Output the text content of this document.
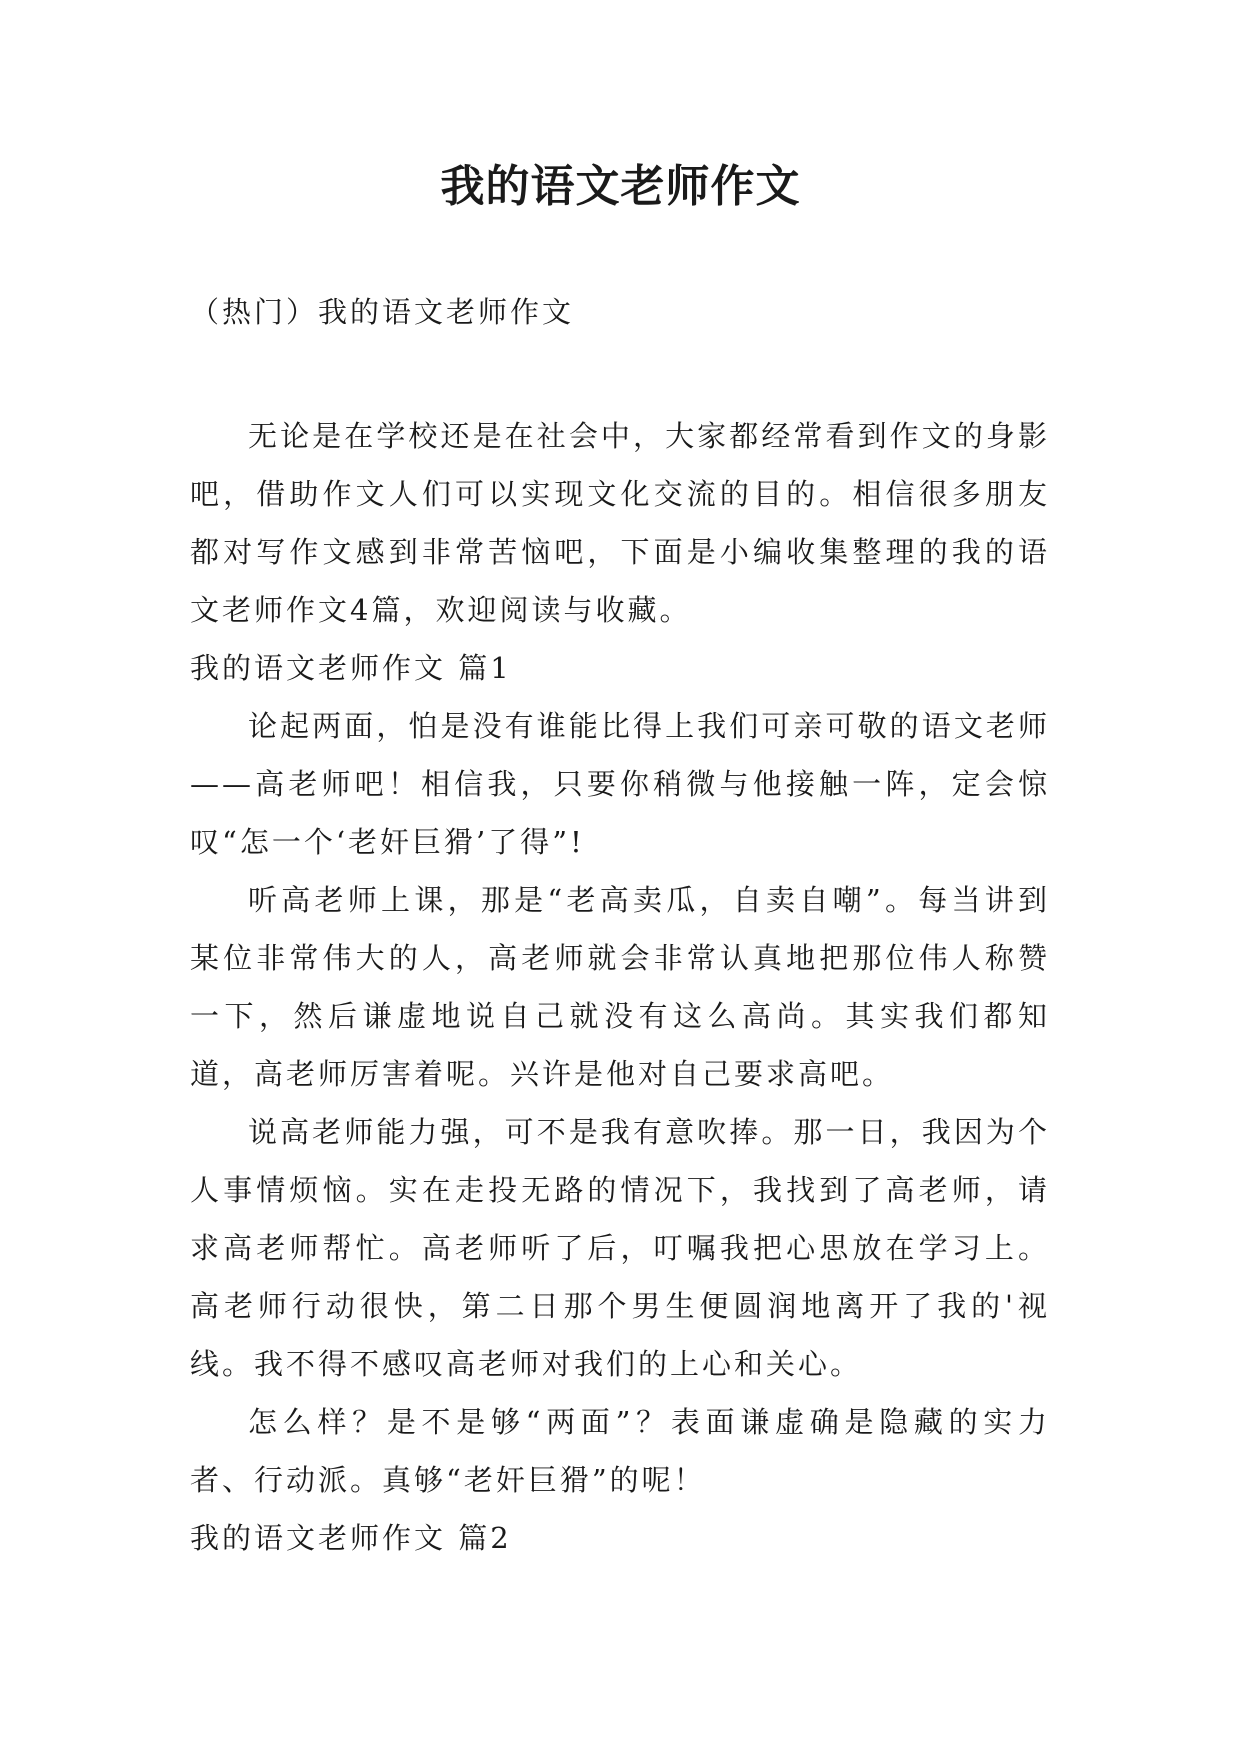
我的语文老师作文

（热门）我的语文老师作文

无论是在学校还是在社会中，大家都经常看到作文的身影吧，借助作文人们可以实现文化交流的目的。相信很多朋友都对写作文感到非常苦恼吧，下面是小编收集整理的我的语文老师作文4篇，欢迎阅读与收藏。

我的语文老师作文 篇1

论起两面，怕是没有谁能比得上我们可亲可敬的语文老师——高老师吧！相信我，只要你稍微与他接触一阵，定会惊叹“怎一个‘老奸巨猾’了得”!

听高老师上课，那是“老高卖瓜，自卖自嘲”。每当讲到某位非常伟大的人，高老师就会非常认真地把那位伟人称赞一下，然后谦虚地说自己就没有这么高尚。其实我们都知道，高老师厉害着呢。兴许是他对自己要求高吧。

说高老师能力强，可不是我有意吹捧。那一日，我因为个人事情烦恼。实在走投无路的情况下，我找到了高老师，请求高老师帮忙。高老师听了后，叮嘱我把心思放在学习上。高老师行动很快，第二日那个男生便圆润地离开了我的'视线。我不得不感叹高老师对我们的上心和关心。

怎么样？是不是够“两面”？表面谦虚确是隐藏的实力者、行动派。真够“老奸巨猾”的呢！

我的语文老师作文 篇2
